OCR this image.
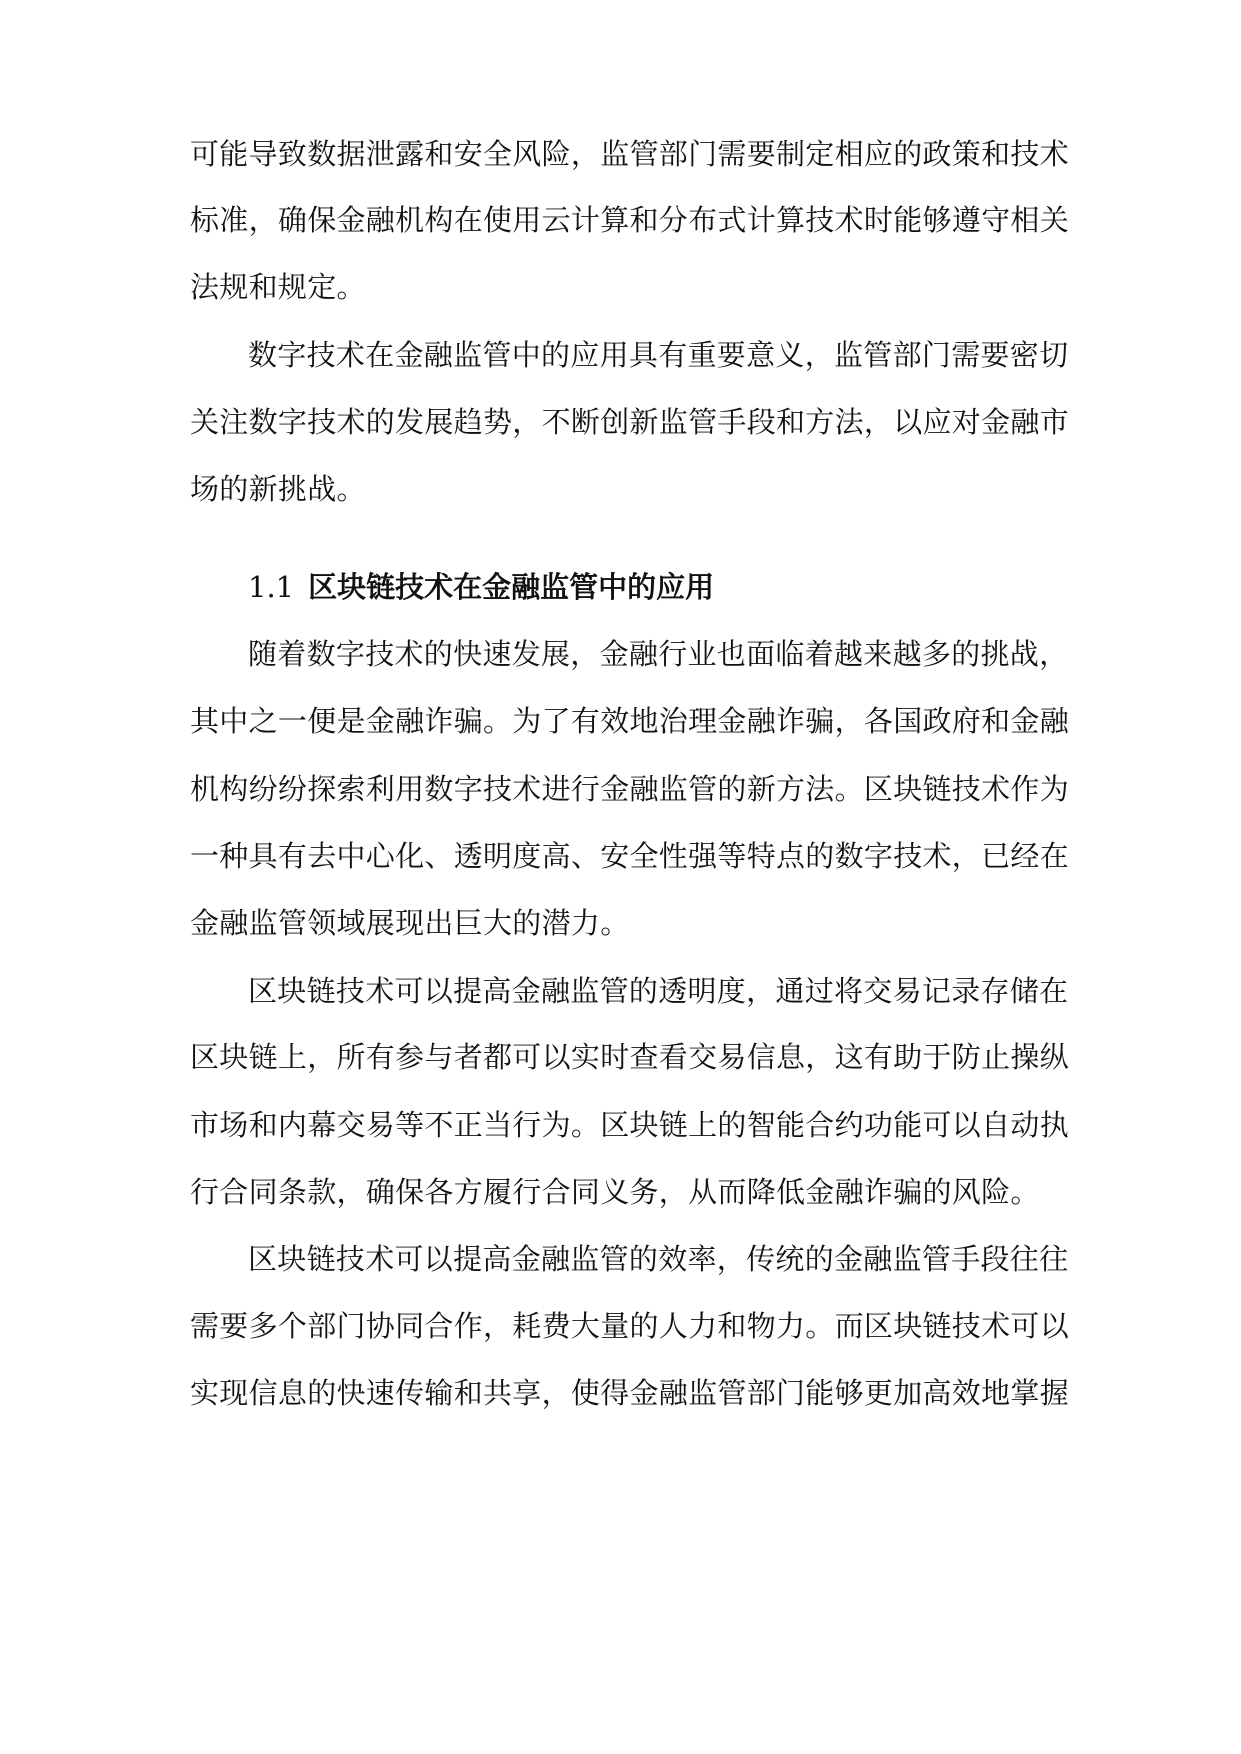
可能导致数据泄露和安全风险，监管部门需要制定相应的政策和技术
标准，确保金融机构在使用云计算和分布式计算技术时能够遵守相关
法规和规定。
数字技术在金融监管中的应用具有重要意义，监管部门需要密切
关注数字技术的发展趋势，不断创新监管手段和方法，以应对金融市
场的新挑战。
1.1 区块链技术在金融监管中的应用
随着数字技术的快速发展，金融行业也面临着越来越多的挑战，
其中之一便是金融诈骗。为了有效地治理金融诈骗，各国政府和金融
机构纷纷探索利用数字技术进行金融监管的新方法。区块链技术作为
一种具有去中心化、透明度高、安全性强等特点的数字技术，已经在
金融监管领域展现出巨大的潜力。
区块链技术可以提高金融监管的透明度，通过将交易记录存储在
区块链上，所有参与者都可以实时查看交易信息，这有助于防止操纵
市场和内幕交易等不正当行为。区块链上的智能合约功能可以自动执
行合同条款，确保各方履行合同义务，从而降低金融诈骗的风险。
区块链技术可以提高金融监管的效率，传统的金融监管手段往往
需要多个部门协同合作，耗费大量的人力和物力。而区块链技术可以
实现信息的快速传输和共享，使得金融监管部门能够更加高效地掌握
